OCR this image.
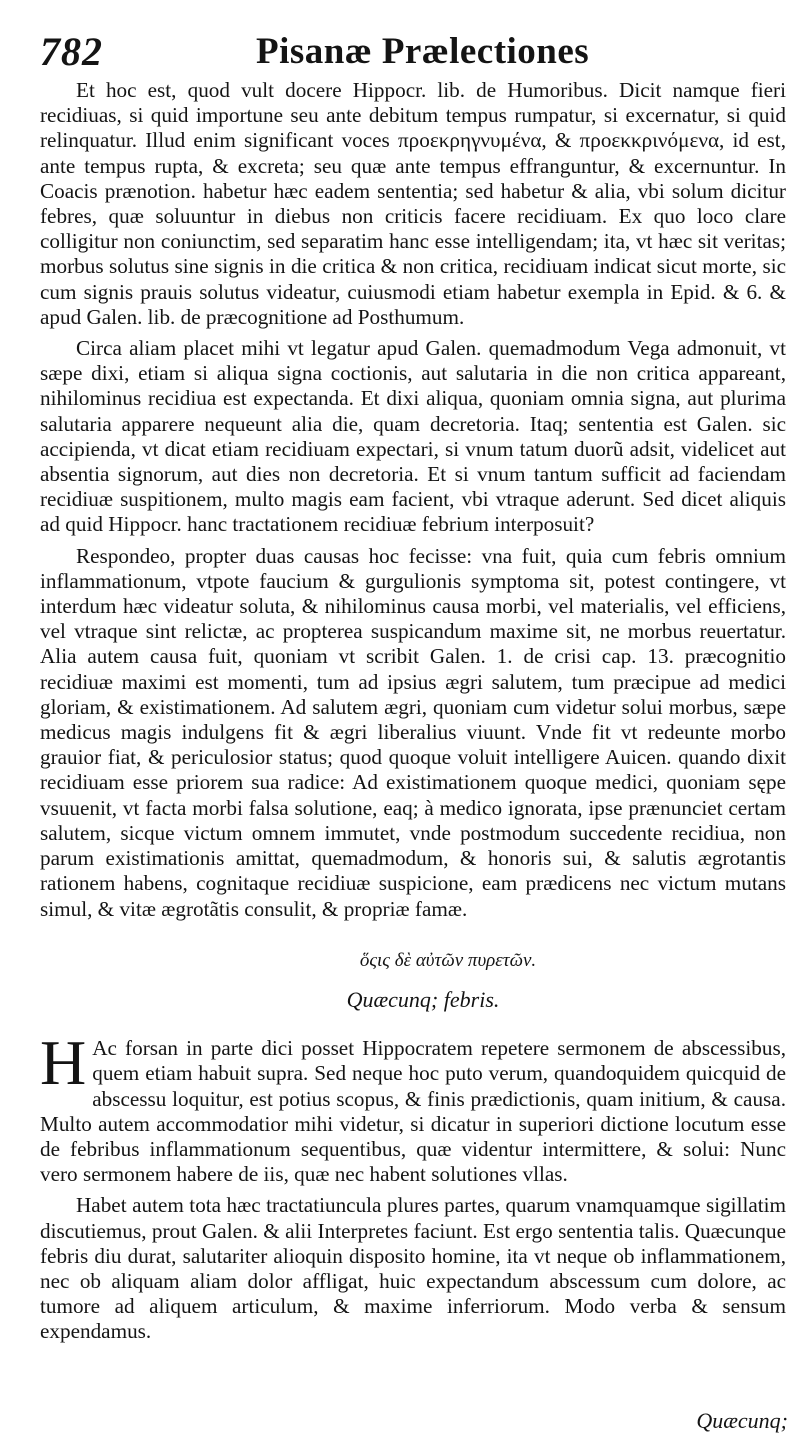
782	Pisanæ Prælectiones

Et hoc est, quod vult docere Hippocr. lib. de Humoribus. Dicit namque fieri recidiuas, si quid importune seu ante debitum tempus rumpatur, si excernatur, si quid relinquatur. Illud enim significant voces προεκρηγνυμένα, & προεκκρινόμενα, id est, ante tempus rupta, & excreta; seu quæ ante tempus effranguntur, & excernuntur. In Coacis prænotion. habetur hæc eadem sententia; sed habetur & alia, vbi solum dicitur febres, quæ soluuntur in diebus non criticis facere recidiuam. Ex quo loco clare colligitur non coniunctim, sed separatim hanc esse intelligendam; ita, vt hæc sit veritas; morbus solutus sine signis in die critica & non critica, recidiuam indicat sicut morte, sic cum signis prauis solutus videatur, cuiusmodi etiam habetur exempla in Epid. & 6. & apud Galen. lib. de præcognitione ad Posthumum.

Circa aliam placet mihi vt legatur apud Galen. quemadmodum Vega admonuit, vt sæpe dixi, etiam si aliqua signa coctionis, aut salutaria in die non critica appareant, nihilominus recidiua est expectanda. Et dixi aliqua, quoniam omnia signa, aut plurima salutaria apparere nequeunt alia die, quam decretoria. Itaq; sententia est Galen. sic accipienda, vt dicat etiam recidiuam expectari, si vnum tatum duorũ adsit, videlicet aut absentia signorum, aut dies non decretoria. Et si vnum tantum sufficit ad faciendam recidiuæ suspitionem, multo magis eam facient, vbi vtraque aderunt. Sed dicet aliquis ad quid Hippocr. hanc tractationem recidiuæ febrium interposuit?

Respondeo, propter duas causas hoc fecisse: vna fuit, quia cum febris omnium inflammationum, vtpote faucium & gurgulionis symptoma sit, potest contingere, vt interdum hæc videatur soluta, & nihilominus causa morbi, vel materialis, vel efficiens, vel vtraque sint relictæ, ac propterea suspicandum maxime sit, ne morbus reuertatur. Alia autem causa fuit, quoniam vt scribit Galen. 1. de crisi cap. 13. præcognitio recidiuæ maximi est momenti, tum ad ipsius ægri salutem, tum præcipue ad medici gloriam, & existimationem. Ad salutem ægri, quoniam cum videtur solui morbus, sæpe medicus magis indulgens fit & ægri liberalius viuunt. Vnde fit vt redeunte morbo grauior fiat, & periculosior status; quod quoque voluit intelligere Auicen. quando dixit recidiuam esse priorem sua radice: Ad existimationem quoque medici, quoniam sępe vsuuenit, vt facta morbi falsa solutione, eaq; à medico ignorata, ipse prænunciet certam salutem, sicque victum omnem immutet, vnde postmodum succedente recidiua, non parum existimationis amittat, quemadmodum, & honoris sui, & salutis ægrotantis rationem habens, cognitaque recidiuæ suspicione, eam prædicens nec victum mutans simul, & vitæ ægrotãtis consulit, & propriæ famæ.

ὅςις δὲ αὐτῶν πυρετῶν.
Quæcunq; febris.

H Ac forsan in parte dici posset Hippocratem repetere sermonem de abscessibus, quem etiam habuit supra. Sed neque hoc puto verum, quandoquidem quicquid de abscessu loquitur, est potius scopus, & finis prædictionis, quam initium, & causa. Multo autem accommodatior mihi videtur, si dicatur in superiori dictione locutum esse de febribus inflammationum sequentibus, quæ videntur intermittere, & solui: Nunc vero sermonem habere de iis, quæ nec habent solutiones vllas.

Habet autem tota hæc tractatiuncula plures partes, quarum vnamquamque sigillatim discutiemus, prout Galen. & alii Interpretes faciunt. Est ergo sententia talis. Quæcunque febris diu durat, salutariter alioquin disposito homine, ita vt neque ob inflammationem, nec ob aliquam aliam dolor affligat, huic expectandum abscessum cum dolore, ac tumore ad aliquem articulum, & maxime inferriorum. Modo verba & sensum expendamus.

Quæcunq;
